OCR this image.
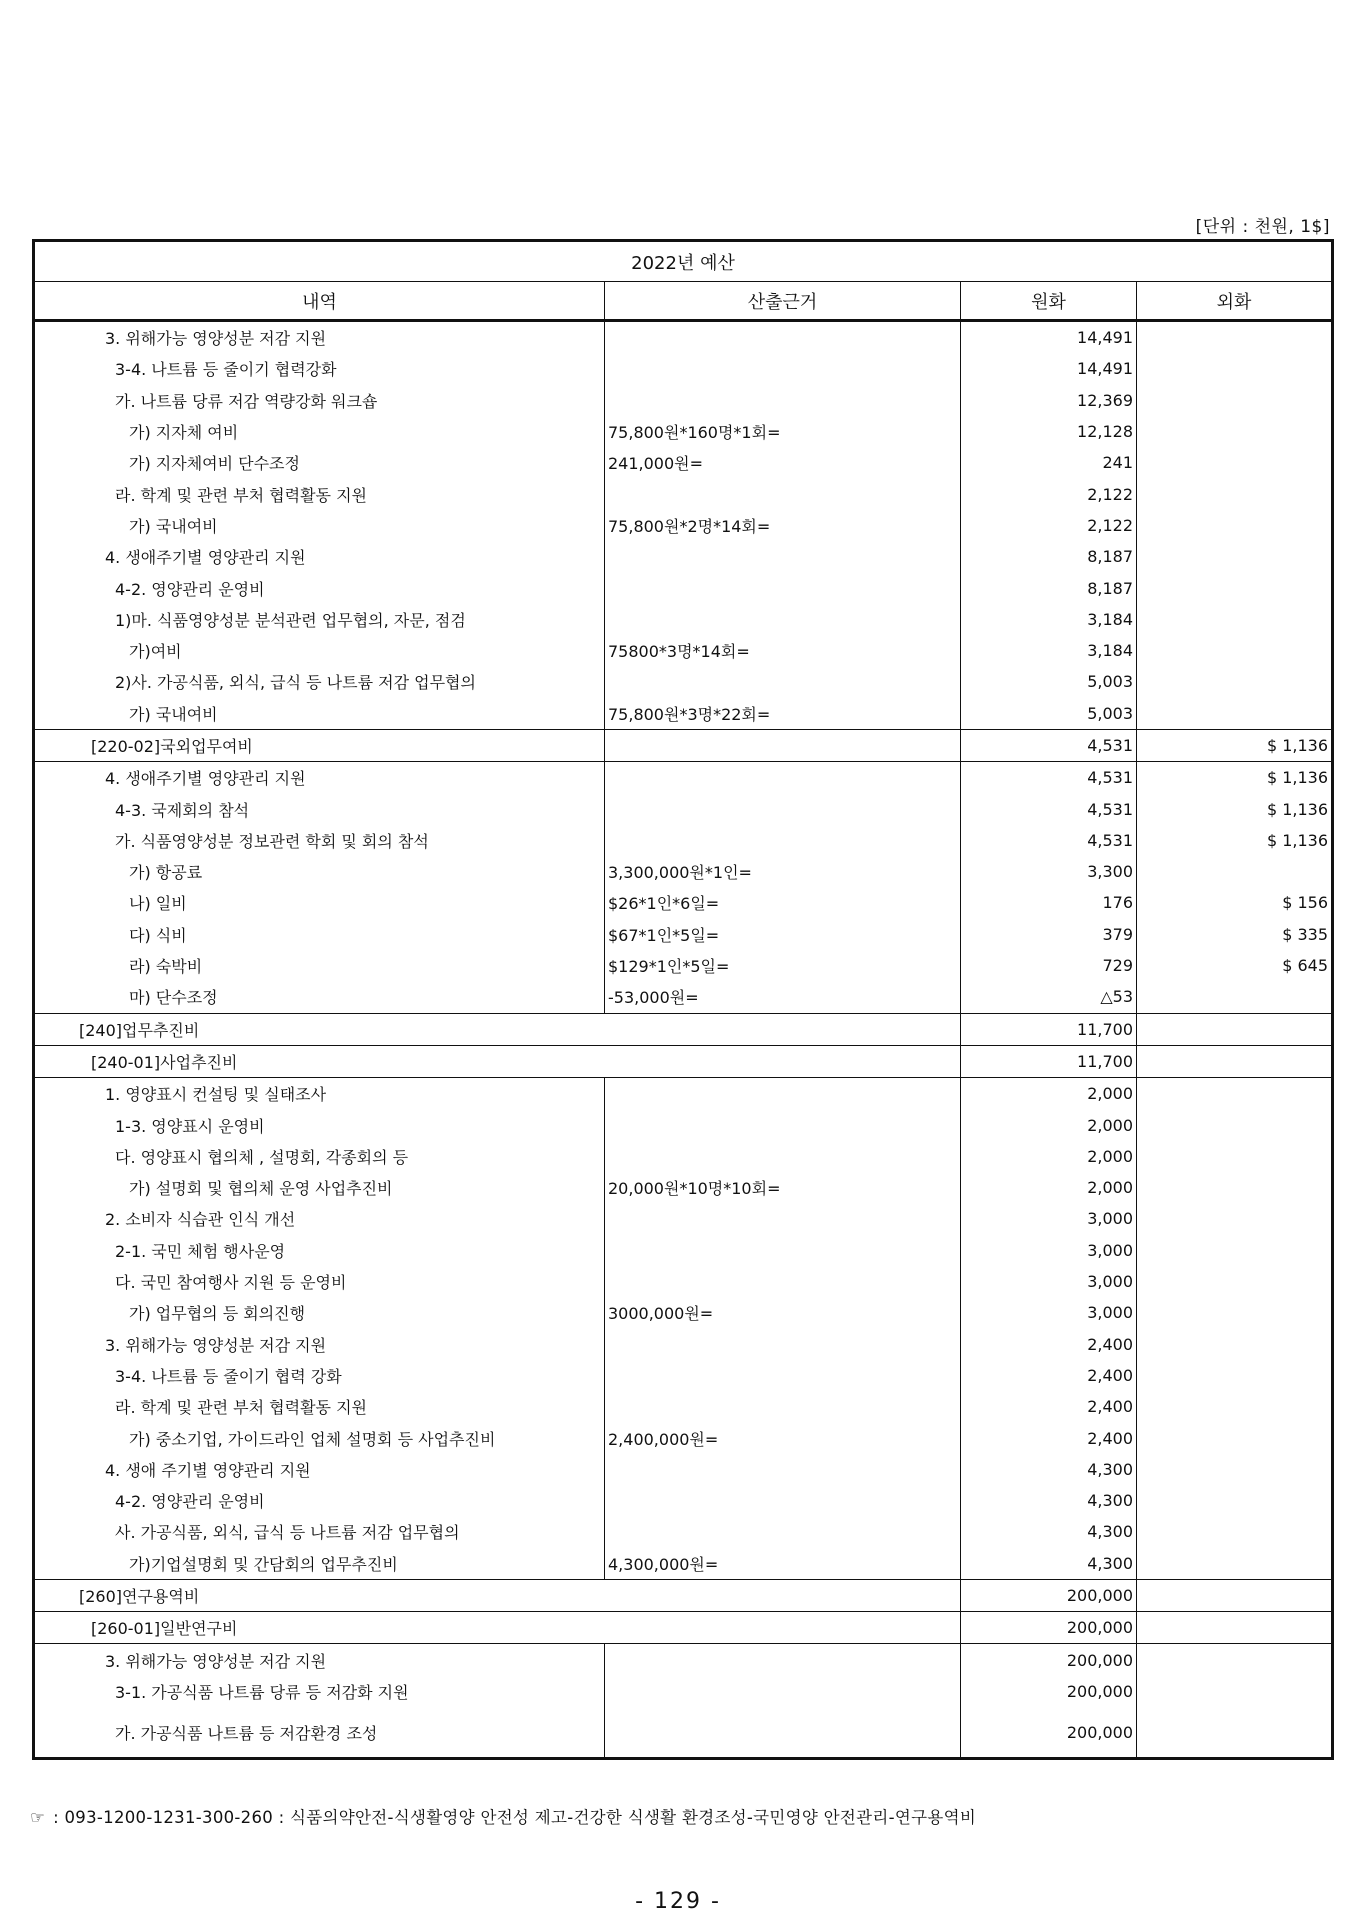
[단위 : 천원, 1$]
2022년 예산			
내역	산출근거	원화	외화
3. 위해가능 영양성분 저감 지원		14,491	
3-4. 나트륨 등 줄이기 협력강화		14,491	
가. 나트륨 당류 저감 역량강화 워크숍		12,369	
가) 지자체 여비	75,800원*160명*1회=	12,128	
가) 지자체여비 단수조정	241,000원=	241	
라. 학계 및 관련 부처 협력활동 지원		2,122	
가) 국내여비	75,800원*2명*14회=	2,122	
4. 생애주기별 영양관리 지원		8,187	
4-2. 영양관리 운영비		8,187	
1)마. 식품영양성분 분석관련 업무협의, 자문, 점검		3,184	
가)여비	75800*3명*14회=	3,184	
2)사. 가공식품, 외식, 급식 등 나트륨 저감 업무협의		5,003	
가) 국내여비	75,800원*3명*22회=	5,003	
[220-02]국외업무여비		4,531	$ 1,136
4. 생애주기별 영양관리 지원		4,531	$ 1,136
4-3. 국제회의 참석		4,531	$ 1,136
가. 식품영양성분 정보관련 학회 및 회의 참석		4,531	$ 1,136
가) 항공료	3,300,000원*1인=	3,300	
나) 일비	$26*1인*6일=	176	$ 156
다) 식비	$67*1인*5일=	379	$ 335
라) 숙박비	$129*1인*5일=	729	$ 645
마) 단수조정	-53,000원=	△53	
[240]업무추진비		11,700	
[240-01]사업추진비		11,700	
1. 영양표시 컨설팅 및 실태조사		2,000	
1-3. 영양표시 운영비		2,000	
다. 영양표시 협의체 , 설명회, 각종회의 등		2,000	
가) 설명회 및 협의체 운영 사업추진비	20,000원*10명*10회=	2,000	
2. 소비자 식습관 인식 개선		3,000	
2-1. 국민 체험 행사운영		3,000	
다. 국민 참여행사 지원 등 운영비		3,000	
가) 업무협의 등 회의진행	3000,000원=	3,000	
3. 위해가능 영양성분 저감 지원		2,400	
3-4. 나트륨 등 줄이기 협력 강화		2,400	
라. 학계 및 관련 부처 협력활동 지원		2,400	
가) 중소기업, 가이드라인 업체 설명회 등 사업추진비	2,400,000원=	2,400	
4. 생애 주기별 영양관리 지원		4,300	
4-2. 영양관리 운영비		4,300	
사. 가공식품, 외식, 급식 등 나트륨 저감 업무협의		4,300	
가)기업설명회 및 간담회의 업무추진비	4,300,000원=	4,300	
[260]연구용역비		200,000	
[260-01]일반연구비		200,000	
3. 위해가능 영양성분 저감 지원		200,000	
3-1. 가공식품 나트륨 당류 등 저감화 지원		200,000	
가. 가공식품 나트륨 등 저감환경 조성		200,000	
☞ : 093-1200-1231-300-260 : 식품의약안전-식생활영양 안전성 제고-건강한 식생활 환경조성-국민영양 안전관리-연구용역비
- 129 -
